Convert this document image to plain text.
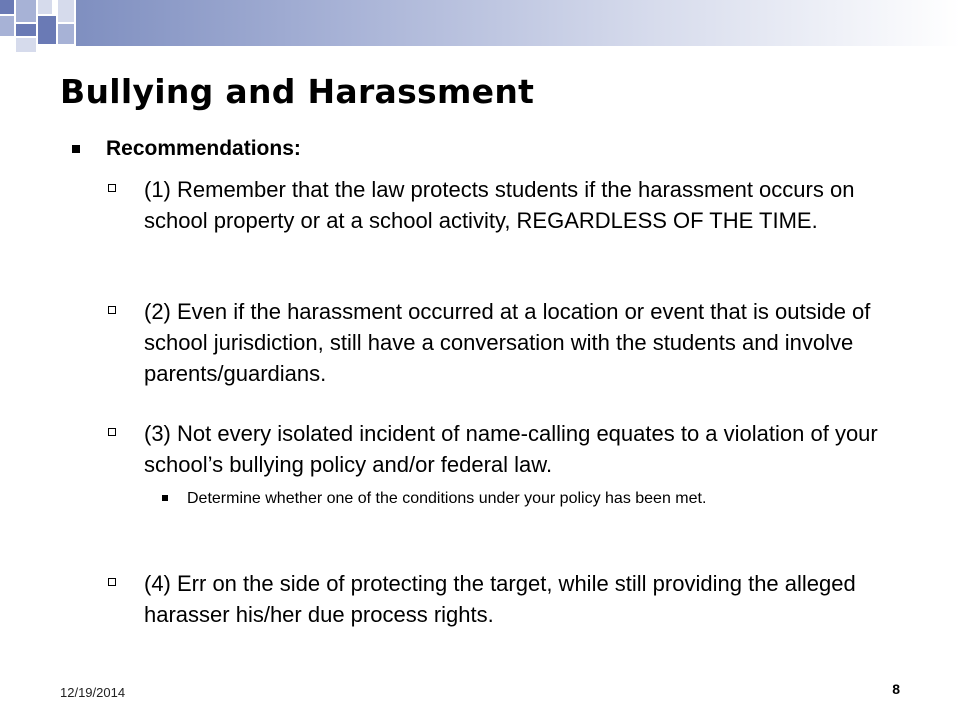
Bullying and Harassment
Recommendations:
(1) Remember that the law protects students if the harassment occurs on school property or at a school activity, REGARDLESS OF THE TIME.
(2) Even if the harassment occurred at a location or event that is outside of school jurisdiction, still have a conversation with the students and involve parents/guardians.
(3) Not every isolated incident of name-calling equates to a violation of your school’s bullying policy and/or federal law.
Determine whether one of the conditions under your policy has been met.
(4) Err on the side of protecting the target, while still providing the alleged harasser his/her due process rights.
12/19/2014	8
